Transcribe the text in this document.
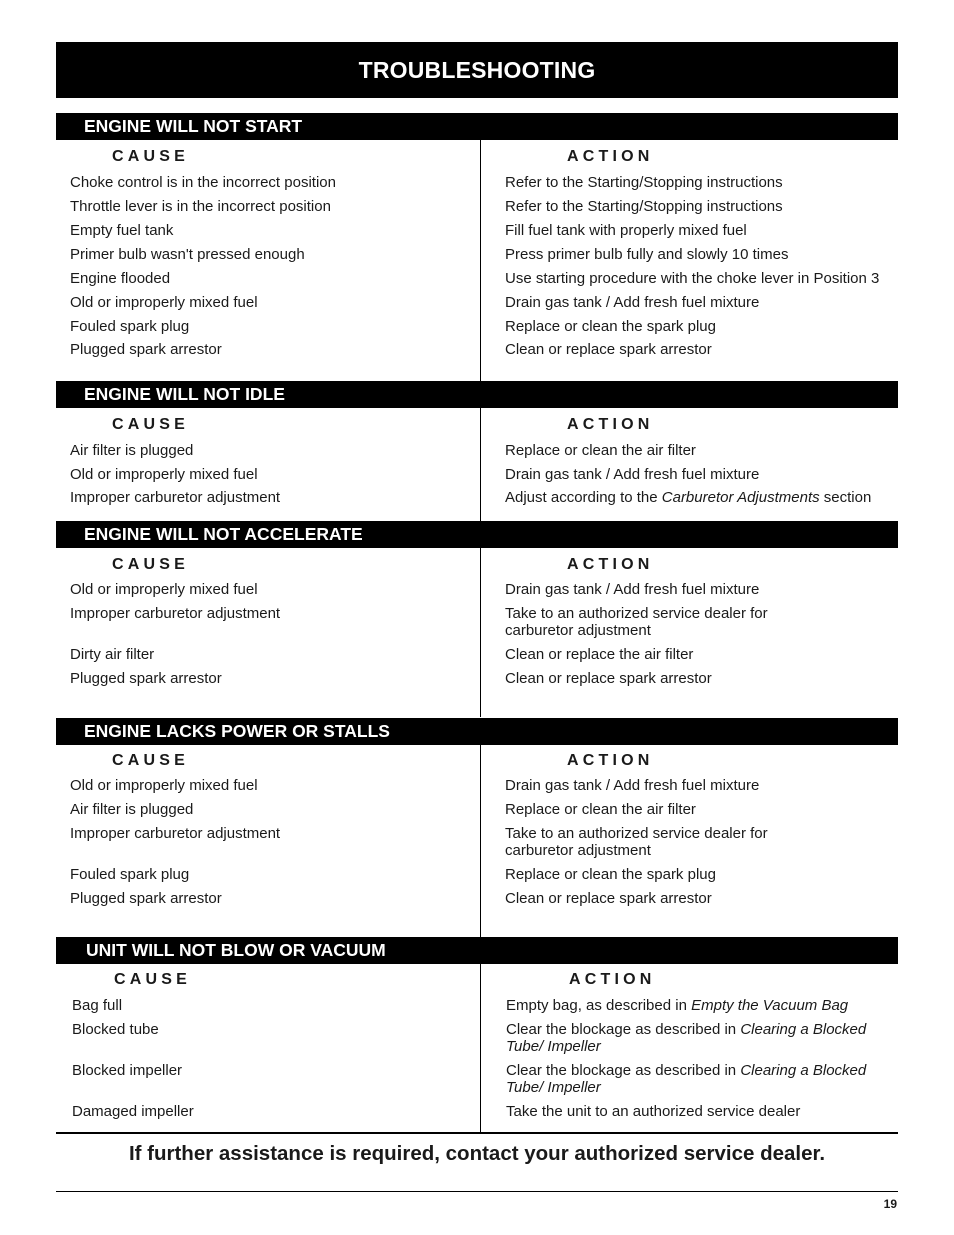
TROUBLESHOOTING
ENGINE WILL NOT START
CAUSE	ACTION
Choke control is in the incorrect position	Refer to the Starting/Stopping instructions
Throttle lever is in the incorrect position	Refer to the Starting/Stopping instructions
Empty fuel tank	Fill fuel tank with properly mixed fuel
Primer bulb wasn't pressed enough	Press primer bulb fully and slowly 10 times
Engine flooded	Use starting procedure with the choke lever in Position 3
Old or improperly mixed fuel	Drain gas tank / Add fresh fuel mixture
Fouled spark plug	Replace or clean the spark plug
Plugged spark arrestor	Clean or replace spark arrestor
ENGINE WILL NOT IDLE
CAUSE	ACTION
Air filter is plugged	Replace or clean the air filter
Old or improperly mixed fuel	Drain gas tank / Add fresh fuel mixture
Improper carburetor adjustment	Adjust according to the Carburetor Adjustments section
ENGINE WILL NOT ACCELERATE
CAUSE	ACTION
Old or improperly mixed fuel	Drain gas tank / Add fresh fuel mixture
Improper carburetor adjustment	Take to an authorized service dealer for
carburetor adjustment
Dirty air filter	Clean or replace the air filter
Plugged spark arrestor	Clean or replace spark arrestor
ENGINE LACKS POWER OR STALLS
CAUSE	ACTION
Old or improperly mixed fuel	Drain gas tank / Add fresh fuel mixture
Air filter is plugged	Replace or clean the air filter
Improper carburetor adjustment	Take to an authorized service dealer for
carburetor adjustment
Fouled spark plug	Replace or clean the spark plug
Plugged spark arrestor	Clean or replace spark arrestor
UNIT WILL NOT BLOW OR VACUUM
CAUSE	ACTION
Bag full	Empty bag, as described in Empty the Vacuum Bag
Blocked tube	Clear the blockage as described in Clearing a Blocked
Tube/ Impeller
Blocked impeller	Clear the blockage as described in Clearing a Blocked
Tube/ Impeller
Damaged impeller	Take the unit to an authorized service dealer
If further assistance is required, contact your authorized service dealer.
19
